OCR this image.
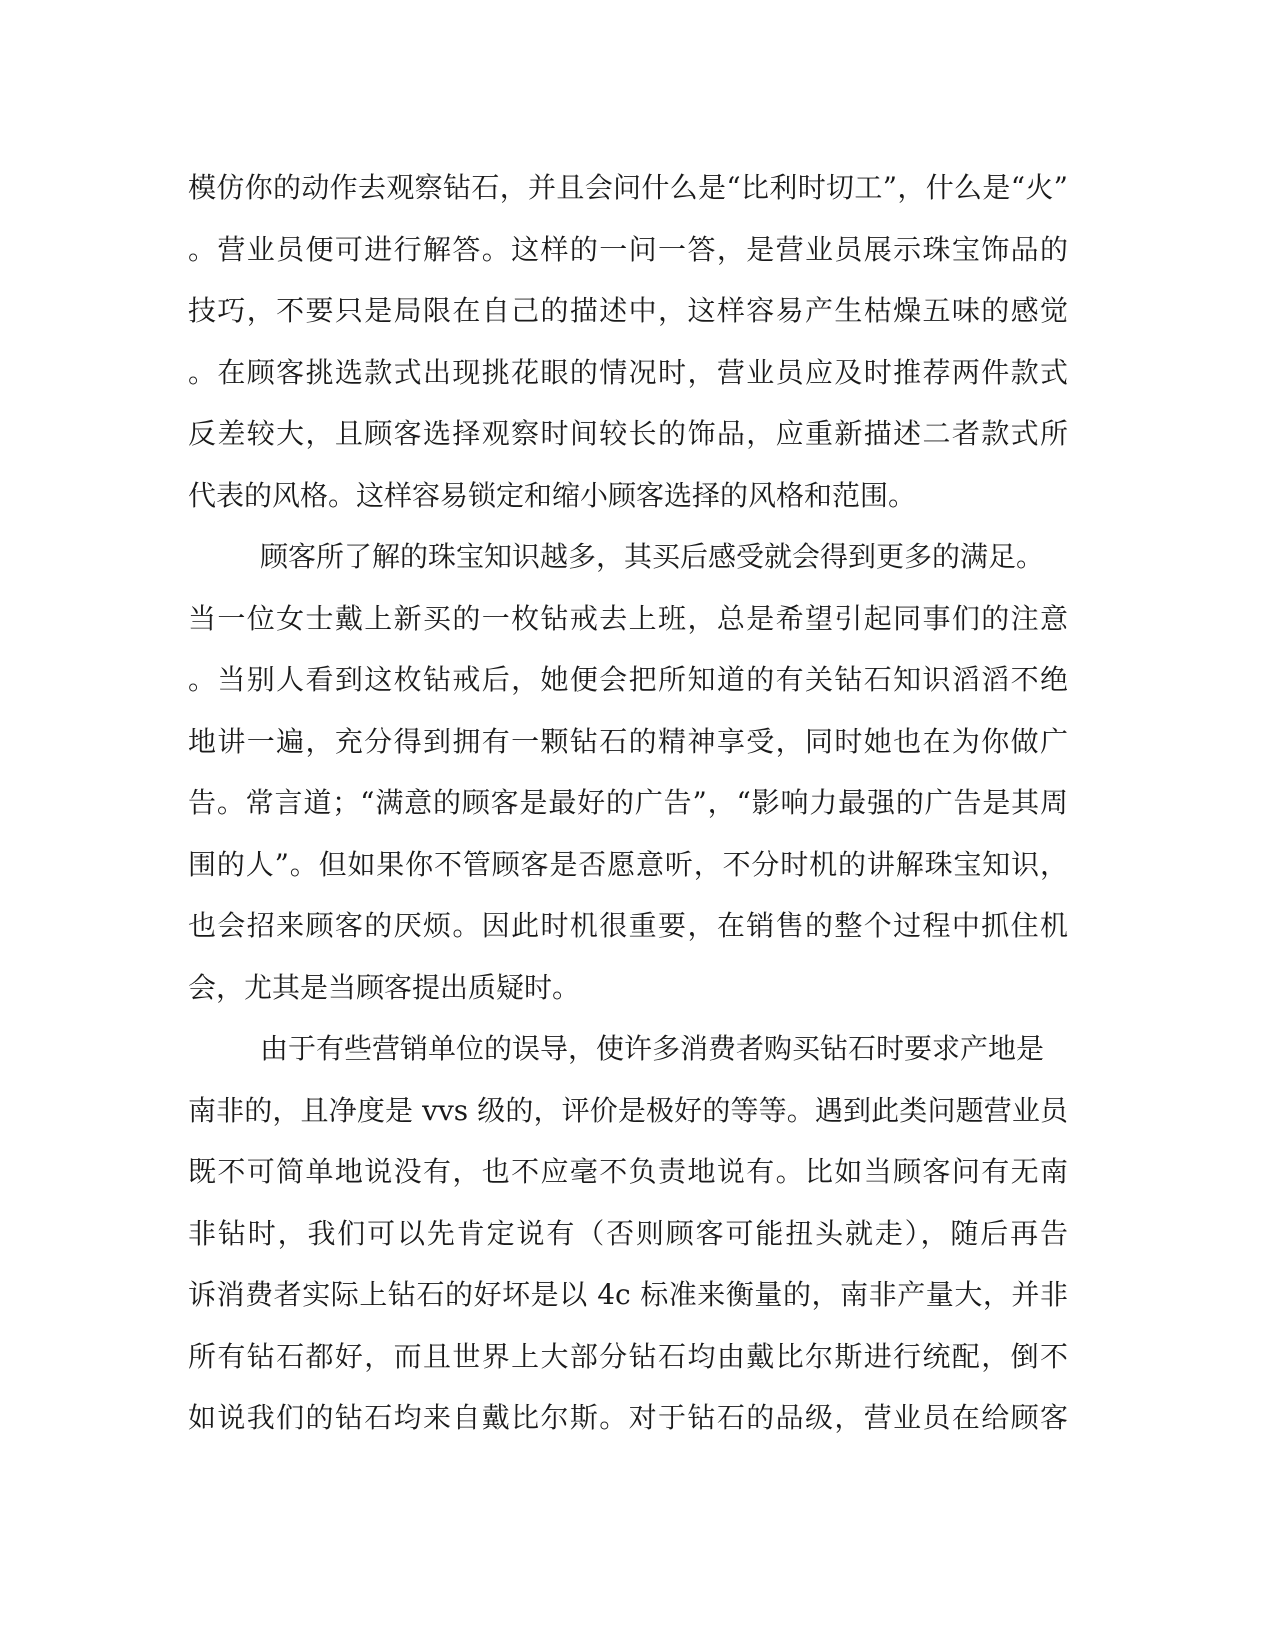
模仿你的动作去观察钻石，并且会问什么是“比利时切工”，什么是“火”
。营业员便可进行解答。这样的一问一答，是营业员展示珠宝饰品的
技巧，不要只是局限在自己的描述中，这样容易产生枯燥五味的感觉
。在顾客挑选款式出现挑花眼的情况时，营业员应及时推荐两件款式
反差较大，且顾客选择观察时间较长的饰品，应重新描述二者款式所
代表的风格。这样容易锁定和缩小顾客选择的风格和范围。
顾客所了解的珠宝知识越多，其买后感受就会得到更多的满足。
当一位女士戴上新买的一枚钻戒去上班，总是希望引起同事们的注意
。当别人看到这枚钻戒后，她便会把所知道的有关钻石知识滔滔不绝
地讲一遍，充分得到拥有一颗钻石的精神享受，同时她也在为你做广
告。常言道；“满意的顾客是最好的广告”，“影响力最强的广告是其周
围的人”。但如果你不管顾客是否愿意听，不分时机的讲解珠宝知识，
也会招来顾客的厌烦。因此时机很重要，在销售的整个过程中抓住机
会，尤其是当顾客提出质疑时。
由于有些营销单位的误导，使许多消费者购买钻石时要求产地是
南非的，且净度是 vvs 级的，评价是极好的等等。遇到此类问题营业员
既不可简单地说没有，也不应毫不负责地说有。比如当顾客问有无南
非钻时，我们可以先肯定说有（否则顾客可能扭头就走），随后再告
诉消费者实际上钻石的好坏是以 4c 标准来衡量的，南非产量大，并非
所有钻石都好，而且世界上大部分钻石均由戴比尔斯进行统配，倒不
如说我们的钻石均来自戴比尔斯。对于钻石的品级，营业员在给顾客
